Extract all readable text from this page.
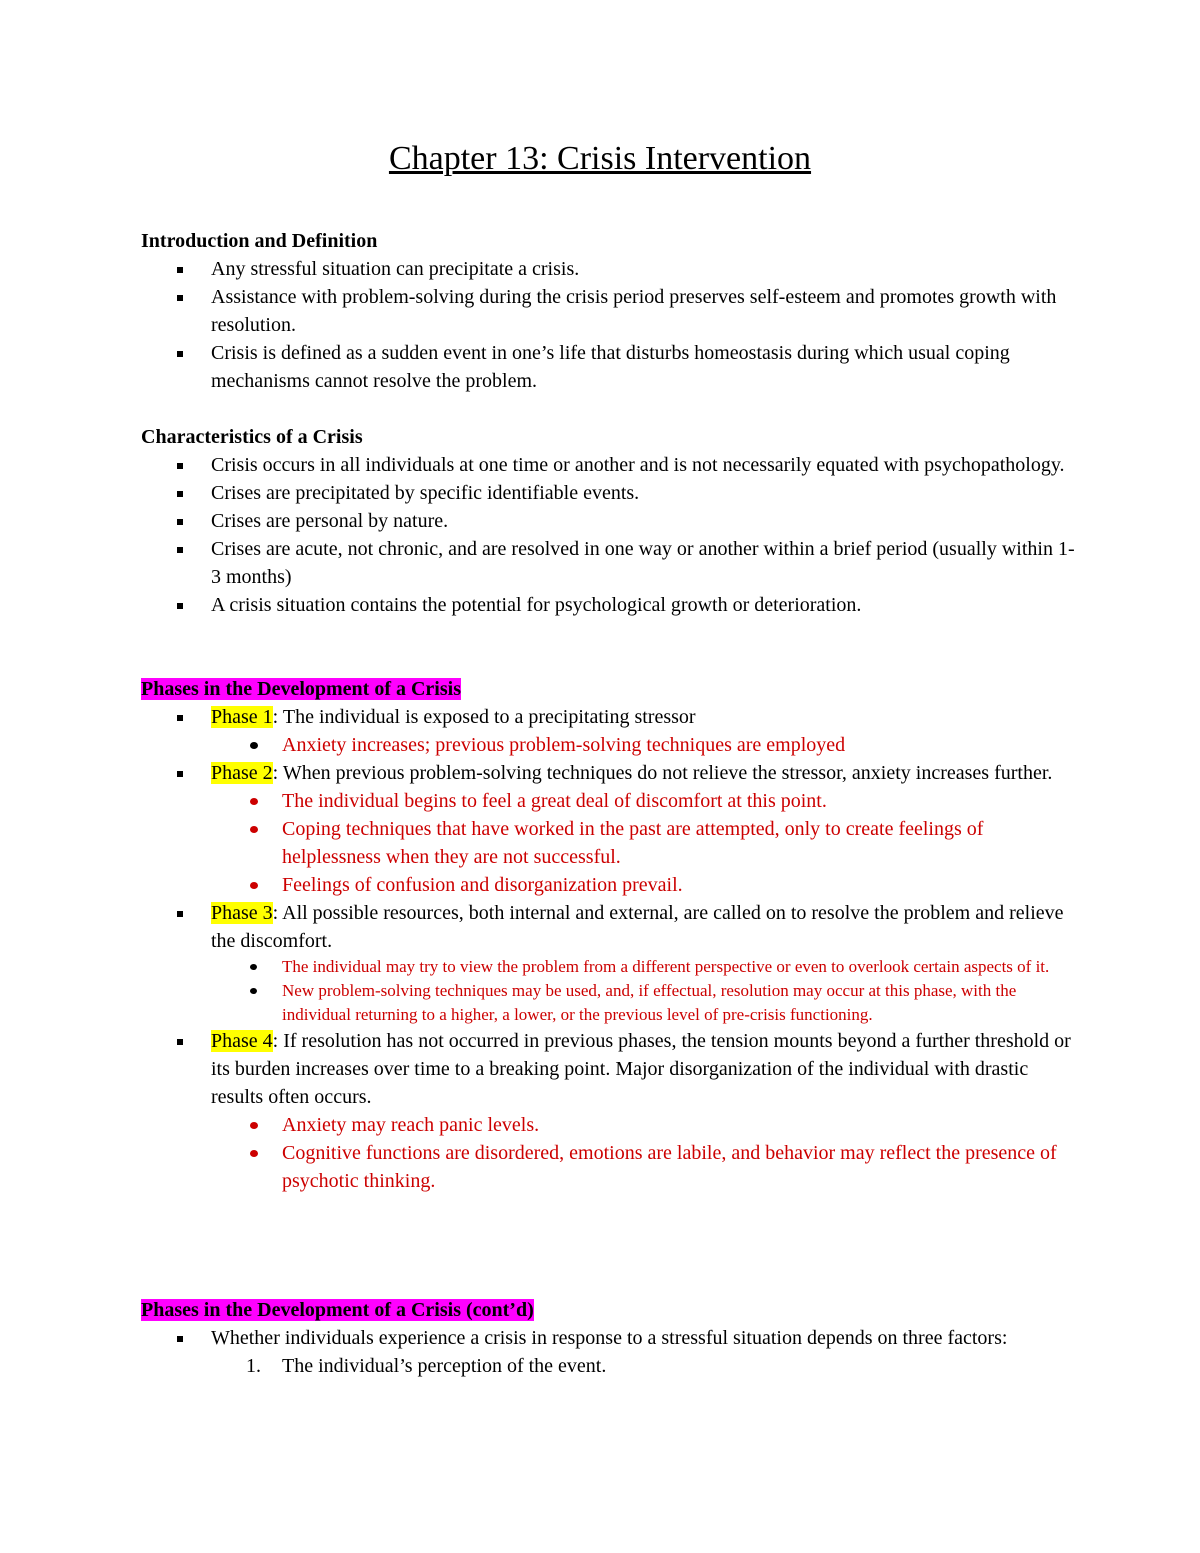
Chapter 13: Crisis Intervention
Introduction and Definition
Any stressful situation can precipitate a crisis.
Assistance with problem-solving during the crisis period preserves self-esteem and promotes growth with resolution.
Crisis is defined as a sudden event in one’s life that disturbs homeostasis during which usual coping mechanisms cannot resolve the problem.
Characteristics of a Crisis
Crisis occurs in all individuals at one time or another and is not necessarily equated with psychopathology.
Crises are precipitated by specific identifiable events.
Crises are personal by nature.
Crises are acute, not chronic, and are resolved in one way or another within a brief period (usually within 1-3 months)
A crisis situation contains the potential for psychological growth or deterioration.
Phases in the Development of a Crisis
Phase 1: The individual is exposed to a precipitating stressor
Anxiety increases; previous problem-solving techniques are employed
Phase 2: When previous problem-solving techniques do not relieve the stressor, anxiety increases further.
The individual begins to feel a great deal of discomfort at this point.
Coping techniques that have worked in the past are attempted, only to create feelings of helplessness when they are not successful.
Feelings of confusion and disorganization prevail.
Phase 3: All possible resources, both internal and external, are called on to resolve the problem and relieve the discomfort.
The individual may try to view the problem from a different perspective or even to overlook certain aspects of it.
New problem-solving techniques may be used, and, if effectual, resolution may occur at this phase, with the individual returning to a higher, a lower, or the previous level of pre-crisis functioning.
Phase 4: If resolution has not occurred in previous phases, the tension mounts beyond a further threshold or its burden increases over time to a breaking point. Major disorganization of the individual with drastic results often occurs.
Anxiety may reach panic levels.
Cognitive functions are disordered, emotions are labile, and behavior may reflect the presence of psychotic thinking.
Phases in the Development of a Crisis (cont’d)
Whether individuals experience a crisis in response to a stressful situation depends on three factors:
1. The individual’s perception of the event.
